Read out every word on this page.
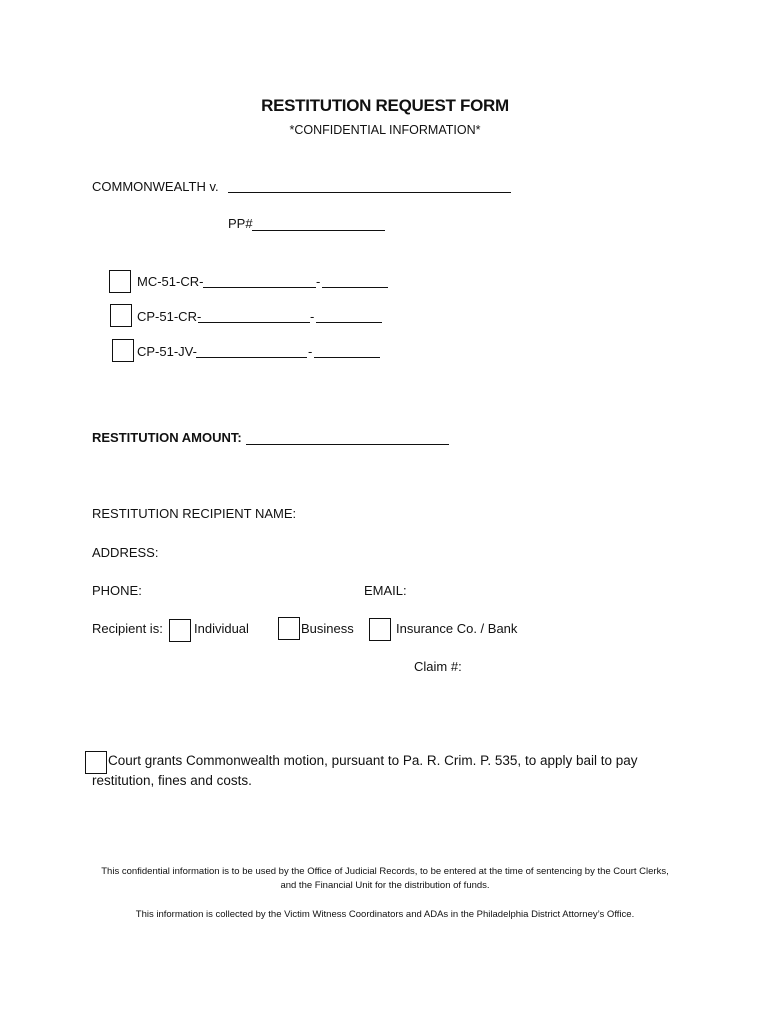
RESTITUTION REQUEST FORM
*CONFIDENTIAL INFORMATION*
COMMONWEALTH v.
PP#
MC-51-CR-	-
CP-51-CR-	-
CP-51-JV-	-
RESTITUTION AMOUNT:
RESTITUTION RECIPIENT NAME:
ADDRESS:
PHONE:	EMAIL:
Recipient is: Individual	Business	Insurance Co. / Bank
Claim #:
Court grants Commonwealth motion, pursuant to Pa. R. Crim. P. 535, to apply bail to pay restitution, fines and costs.
This confidential information is to be used by the Office of Judicial Records, to be entered at the time of sentencing by the Court Clerks, and the Financial Unit for the distribution of funds.
This information is collected by the Victim Witness Coordinators and ADAs in the Philadelphia District Attorney’s Office.
